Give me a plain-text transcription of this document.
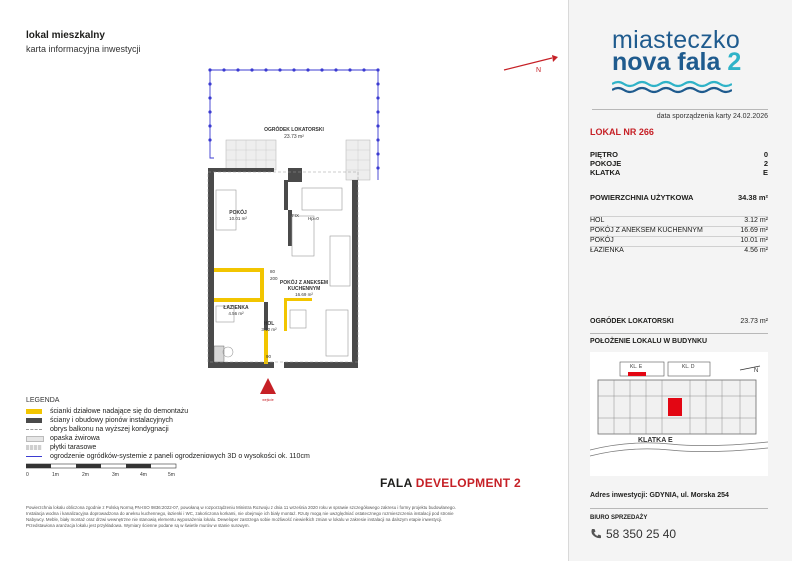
lokal mieszkalny
karta informacyjna inwestycji
N
miasteczko
nova fala 2
data sporządzenia karty 24.02.2026
LOKAL NR 266
PIĘTRO	0
POKOJE	2
KLATKA	E
POWIERZCHNIA UŻYTKOWA	34.38 m²
HOL	3.12 m²
POKÓJ Z ANEKSEM KUCHENNYM	16.69 m²
POKÓJ	10.01 m²
ŁAZIENKA	4.56 m²
OGRÓDEK LOKATORSKI	23.73 m²
POŁOŻENIE LOKALU W BUDYNKU
KL. E	KL. D
N
KLATKA E
Adres inwestycji: GDYNIA, ul. Morska 254
BIURO SPRZEDAŻY
58 350 25 40
OGRÓDEK LOKATORSKI
23.73 m²
POKÓJ
10.01 m²
POKÓJ Z ANEKSEM
KUCHENNYM
16.69 m²
ŁAZIENKA
4.56 m²
HOL
3.12 m²
FIX
Hp=0
80
200
90
wejście
LEGENDA
ścianki działowe nadające się do demontażu
ściany i obudowy pionów instalacyjnych
obrys balkonu na wyższej kondygnacji
opaska żwirowa
płytki tarasowe
ogrodzenie ogródków-systemie z paneli ogrodzeniowych 3D o wysokości ok. 110cm
0	1m	2m	3m	4m	5m
FALA DEVELOPMENT 2
Powierzchnia lokalu obliczona zgodnie z Polską Normą PN-ISO 9836:2022-07, powołaną w rozporządzeniu Ministra Rozwoju z dnia 11 września 2020 roku w sprawie szczegółowego zakresu i formy projektu budowlanego. Instalacja wodna i kanalizacyjna doprowadzona do aneksu kuchennego, łazienki i WC, zakończona korkami, nie obejmuje ich biały montaż. Rzuty mogą nie uwzględniać ostatecznego rozmieszczenia instalacji pod stronie Nabywcy. Meble, biały montaż oraz drzwi wewnętrzne nie stanowią elementu wyposażenia lokalu. Deweloper zastrzega sobie możliwość niewielkich zmian w lokalu w zakresie instalacji na dalszym etapie inwestycji. Przedstawiona aranżacja lokalu jest przykładowa. Wymiary ścienne podane są w świetle murów w stanie surowym.
